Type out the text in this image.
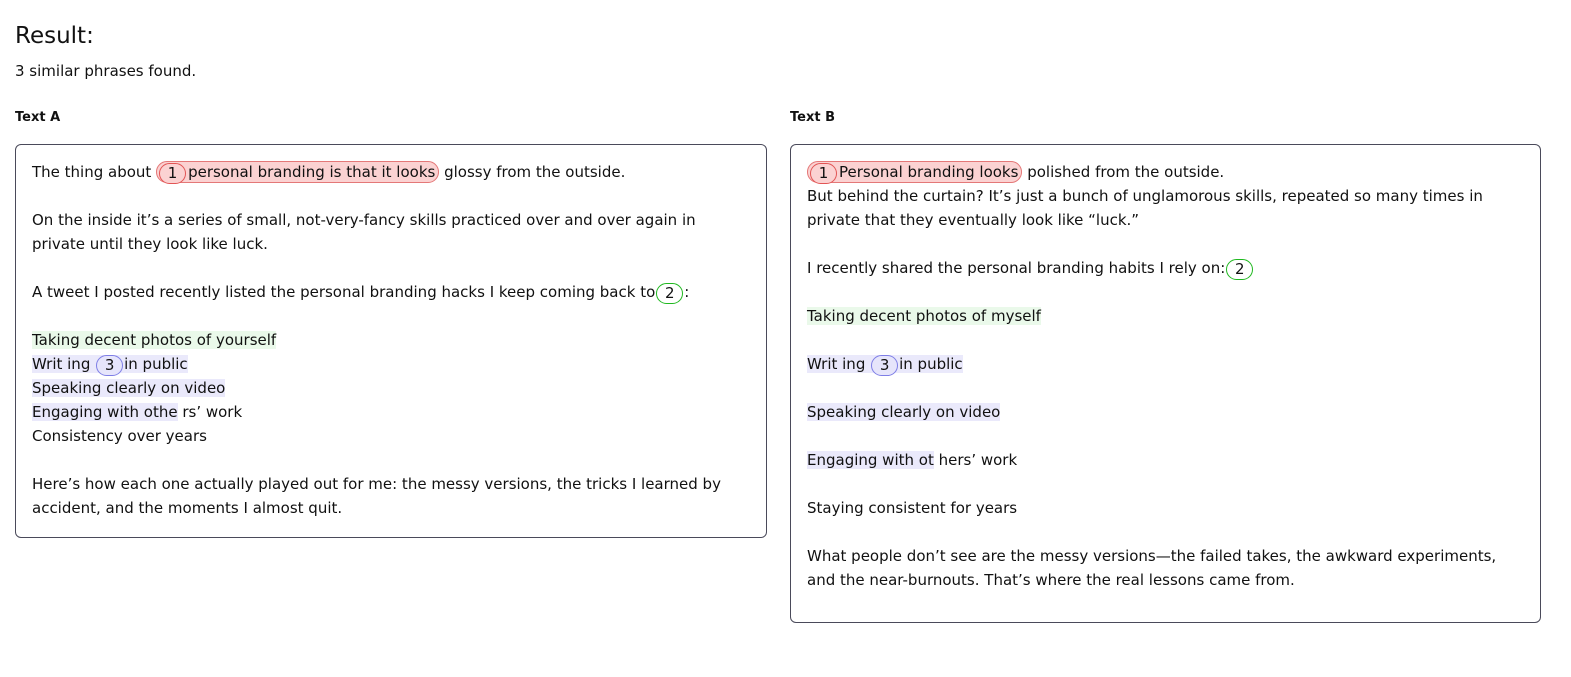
Result:
3 similar phrases found.
Text A	Text B

The thing about 1 personal branding is that it looks glossy from the outside.

On the inside it’s a series of small, not-very-fancy skills practiced over and over again in private until they look like luck.

A tweet I posted recently listed the personal branding hacks I keep coming back to 2 :

Taking decent photos of yourself
Writ ing 3 in public
Speaking clearly on video
Engaging with othe rs’ work
Consistency over years

Here’s how each one actually played out for me: the messy versions, the tricks I learned by accident, and the moments I almost quit.

1 Personal branding looks polished from the outside.

But behind the curtain? It’s just a bunch of unglamorous skills, repeated so many times in private that they eventually look like “luck.”

I recently shared the personal branding habits I rely on: 2

Taking decent photos of myself
Writ ing 3 in public
Speaking clearly on video
Engaging with ot hers’ work
Staying consistent for years

What people don’t see are the messy versions—the failed takes, the awkward experiments, and the near-burnouts. That’s where the real lessons came from.
